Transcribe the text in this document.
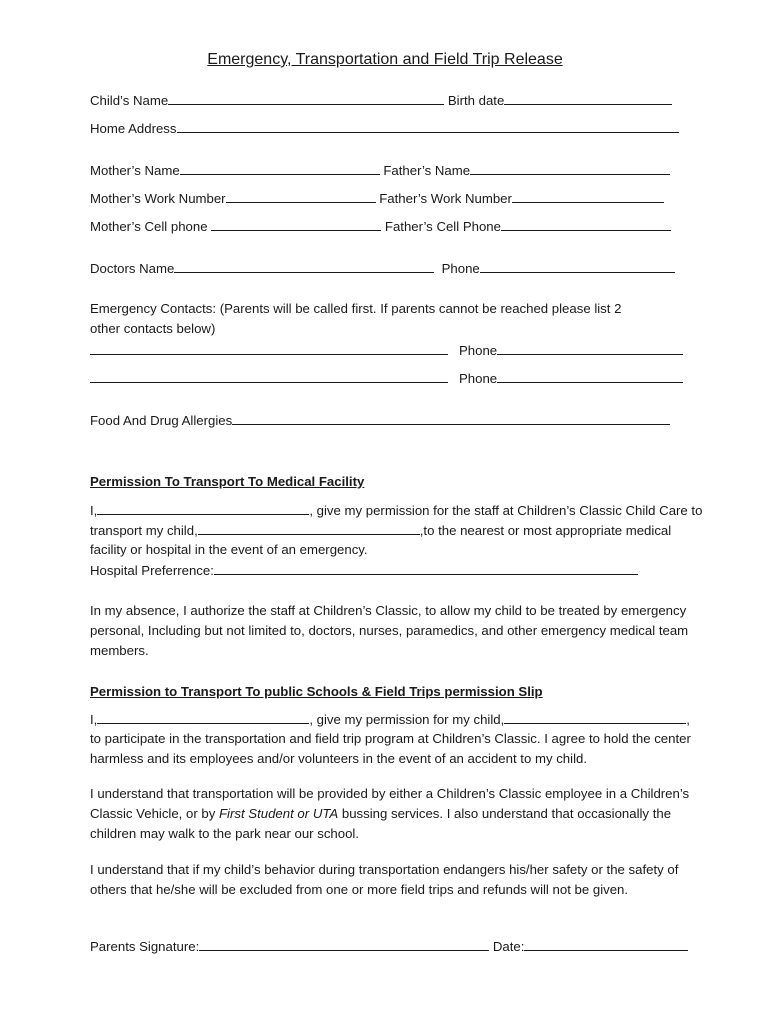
Emergency, Transportation and Field Trip Release
Child’s Name	Birth date
Home Address
Mother’s Name	Father’s Name
Mother’s Work Number	Father’s Work Number
Mother’s Cell phone	Father’s Cell Phone
Doctors Name	Phone
Emergency Contacts: (Parents will be called first. If parents cannot be reached please list 2
other contacts below)
Phone
Phone
Food And Drug Allergies
Permission To Transport To Medical Facility
I,	, give my permission for the staff at Children’s Classic Child Care to
transport my child,	,to the nearest or most appropriate medical
facility or hospital in the event of an emergency.
Hospital Preferrence:
In my absence, I authorize the staff at Children’s Classic, to allow my child to be treated by emergency personal, Including but not limited to, doctors, nurses, paramedics, and other emergency medical team members.
Permission to Transport To public Schools & Field Trips permission Slip
I,	, give my permission for my child,	,
to participate in the transportation and field trip program at Children’s Classic. I agree to hold the center harmless and its employees and/or volunteers in the event of an accident to my child.
I understand that transportation will be provided by either a Children’s Classic employee in a Children’s Classic Vehicle, or by First Student or UTA bussing services. I also understand that occasionally the children may walk to the park near our school.
I understand that if my child’s behavior during transportation endangers his/her safety or the safety of others that he/she will be excluded from one or more field trips and refunds will not be given.
Parents Signature:	Date:
